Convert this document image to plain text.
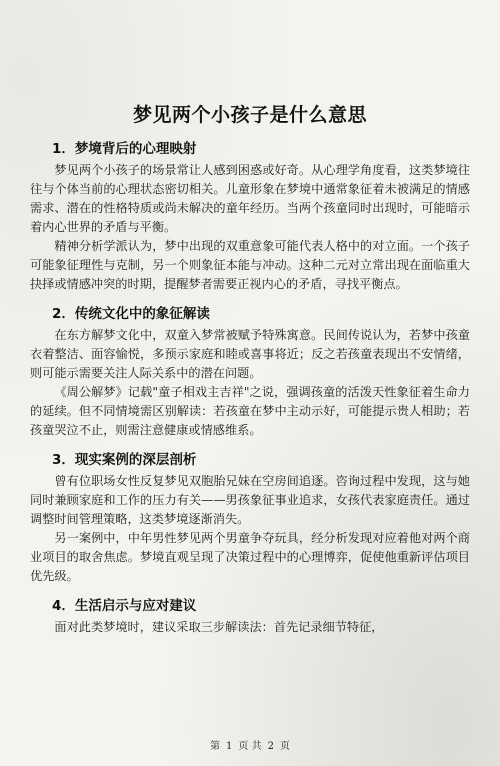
梦见两个小孩子是什么意思
1．梦境背后的心理映射

梦见两个小孩子的场景常让人感到困惑或好奇。从心理学角度看，这类梦境往往与个体当前的心理状态密切相关。儿童形象在梦境中通常象征着未被满足的情感需求、潜在的性格特质或尚未解决的童年经历。当两个孩童同时出现时，可能暗示着内心世界的矛盾与平衡。

精神分析学派认为，梦中出现的双重意象可能代表人格中的对立面。一个孩子可能象征理性与克制，另一个则象征本能与冲动。这种二元对立常出现在面临重大抉择或情感冲突的时期，提醒梦者需要正视内心的矛盾，寻找平衡点。

2．传统文化中的象征解读

在东方解梦文化中，双童入梦常被赋予特殊寓意。民间传说认为，若梦中孩童衣着整洁、面容愉悦，多预示家庭和睦或喜事将近；反之若孩童表现出不安情绪，则可能示需要关注人际关系中的潜在问题。

《周公解梦》记载"童子相戏主吉祥"之说，强调孩童的活泼天性象征着生命力的延续。但不同情境需区别解读：若孩童在梦中主动示好，可能提示贵人相助；若孩童哭泣不止，则需注意健康或情感维系。

3．现实案例的深层剖析

曾有位职场女性反复梦见双胞胎兄妹在空房间追逐。咨询过程中发现，这与她同时兼顾家庭和工作的压力有关——男孩象征事业追求，女孩代表家庭责任。通过调整时间管理策略，这类梦境逐渐消失。

另一案例中，中年男性梦见两个男童争夺玩具，经分析发现对应着他对两个商业项目的取舍焦虑。梦境直观呈现了决策过程中的心理博弈，促使他重新评估项目优先级。

4．生活启示与应对建议

面对此类梦境时，建议采取三步解读法：首先记录细节特征，

第 1 页 共 2 页
